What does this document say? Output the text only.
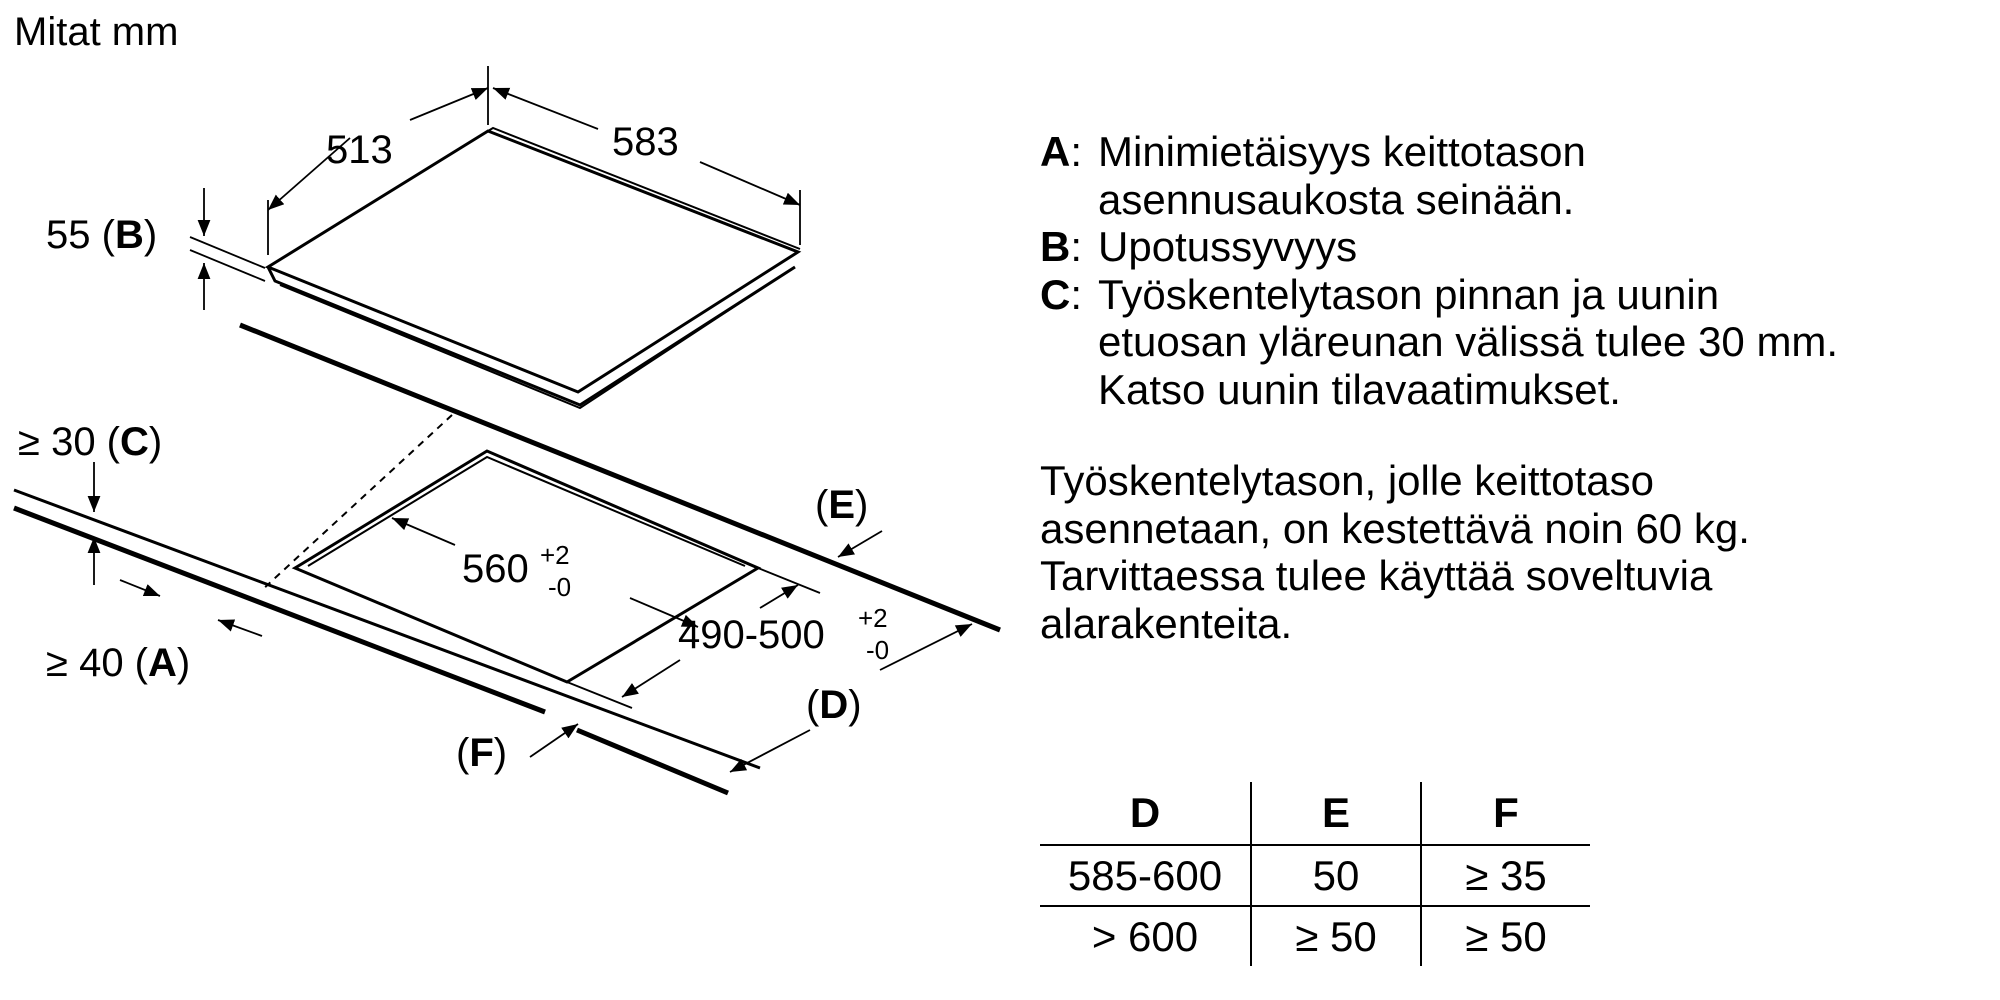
Mitat mm
513	583
55 (B)
≥ 30 (C)
≥ 40 (A)
560 +2
-0
490-500 +2
-0
(E)
(D)
(F)
A: Minimietäisyys keittotason
asennusaukosta seinään.
B: Upotussyvyys
C: Työskentelytason pinnan ja uunin
etuosan yläreunan välissä tulee 30 mm.
Katso uunin tilavaatimukset.
Työskentelytason, jolle keittotaso
asennetaan, on kestettävä noin 60 kg.
Tarvittaessa tulee käyttää soveltuvia
alarakenteita.
D	E	F
585-600	50	≥ 35
> 600	≥ 50	≥ 50
